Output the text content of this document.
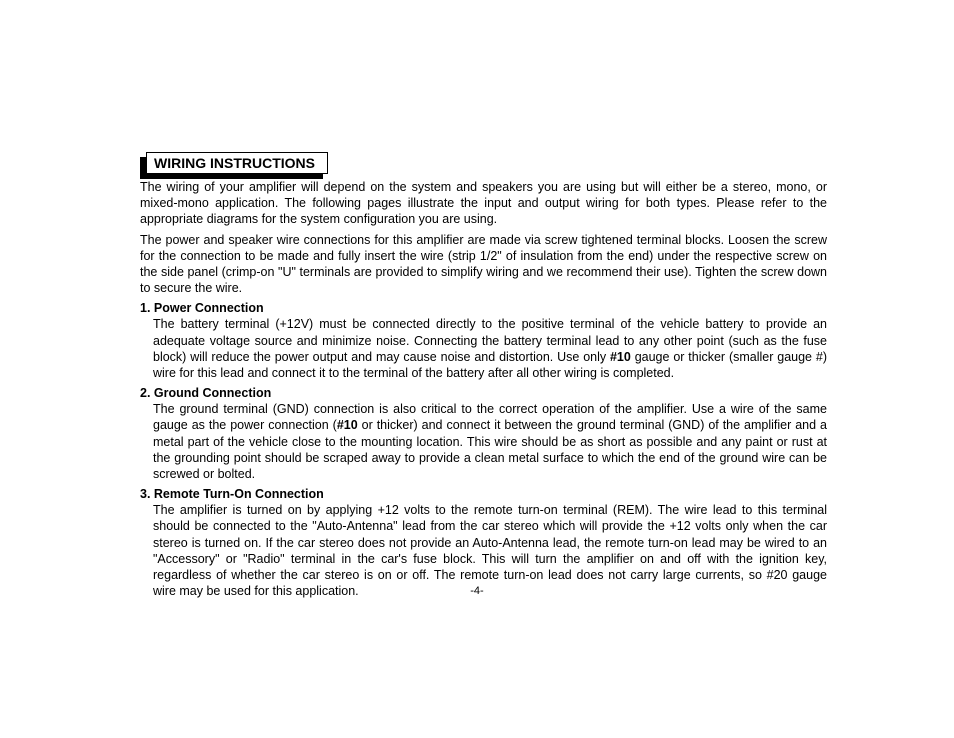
WIRING INSTRUCTIONS

The wiring of your amplifier will depend on the system and speakers you are using but will either be a stereo, mono, or mixed-mono application. The following pages illustrate the input and output wiring for both types. Please refer to the appropriate diagrams for the system configuration you are using.

The power and speaker wire connections for this amplifier are made via screw tightened terminal blocks. Loosen the screw for the connection to be made and fully insert the wire (strip 1/2" of insulation from the end) under the respective screw on the side panel (crimp-on "U" terminals are provided to simplify wiring and we recommend their use). Tighten the screw down to secure the wire.

1. Power Connection

The battery terminal (+12V) must be connected directly to the positive terminal of the vehicle battery to provide an adequate voltage source and minimize noise. Connecting the battery terminal lead to any other point (such as the fuse block) will reduce the power output and may cause noise and distortion. Use only #10 gauge or thicker (smaller gauge #) wire for this lead and connect it to the terminal of the battery after all other wiring is completed.

2. Ground Connection

The ground terminal (GND) connection is also critical to the correct operation of the amplifier. Use a wire of the same gauge as the power connection (#10 or thicker) and connect it between the ground terminal (GND) of the amplifier and a metal part of the vehicle close to the mounting location. This wire should be as short as possible and any paint or rust at the grounding point should be scraped away to provide a clean metal surface to which the end of the ground wire can be screwed or bolted.

3. Remote Turn-On Connection

The amplifier is turned on by applying +12 volts to the remote turn-on terminal (REM). The wire lead to this terminal should be connected to the "Auto-Antenna" lead from the car stereo which will provide the +12 volts only when the car stereo is turned on. If the car stereo does not provide an Auto-Antenna lead, the remote turn-on lead may be wired to an "Accessory" or "Radio" terminal in the car's fuse block. This will turn the amplifier on and off with the ignition key, regardless of whether the car stereo is on or off. The remote turn-on lead does not carry large currents, so #20 gauge wire may be used for this application.	-4-
